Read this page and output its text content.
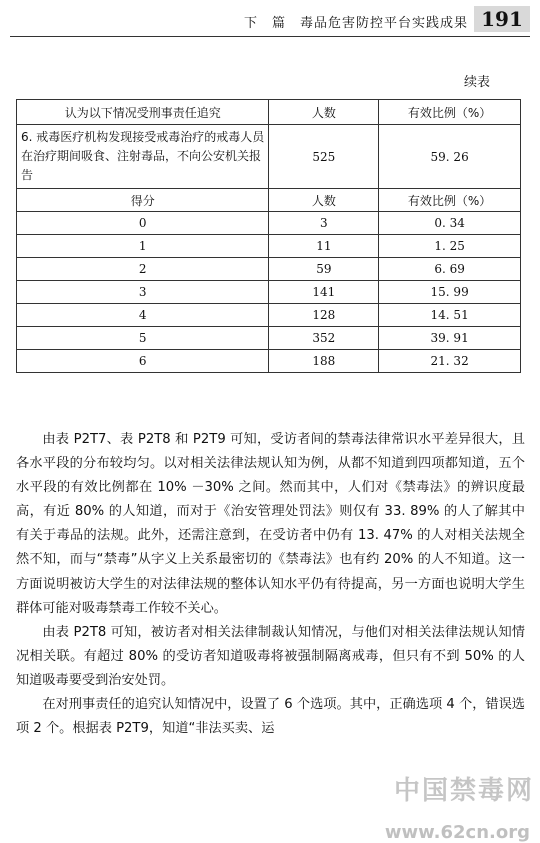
下　篇　毒品危害防控平台实践成果 191
续表
认为以下情况受刑事责任追究	人数	有效比例（%）
6. 戒毒医疗机构发现接受戒毒治疗的戒毒人员在治疗期间吸食、注射毒品，不向公安机关报告	525	59. 26
得分	人数	有效比例（%）
0	3	0. 34
1	11	1. 25
2	59	6. 69
3	141	15. 99
4	128	14. 51
5	352	39. 91
6	188	21. 32

由表 P2T7、表 P2T8 和 P2T9 可知，受访者间的禁毒法律常识水平差异很大，且各水平段的分布较均匀。以对相关法律法规认知为例，从都不知道到四项都知道，五个水平段的有效比例都在 10% －30% 之间。然而其中，人们对《禁毒法》的辨识度最高，有近 80% 的人知道，而对于《治安管理处罚法》则仅有 33. 89% 的人了解其中有关于毒品的法规。此外，还需注意到，在受访者中仍有 13. 47% 的人对相关法规全然不知，而与“禁毒”从字义上关系最密切的《禁毒法》也有约 20% 的人不知道。这一方面说明被访大学生的对法律法规的整体认知水平仍有待提高，另一方面也说明大学生群体可能对吸毒禁毒工作较不关心。

由表 P2T8 可知，被访者对相关法律制裁认知情况，与他们对相关法律法规认知情况相关联。有超过 80% 的受访者知道吸毒将被强制隔离戒毒，但只有不到 50% 的人知道吸毒要受到治安处罚。

在对刑事责任的追究认知情况中，设置了 6 个选项。其中，正确选项 4 个，错误选项 2 个。根据表 P2T9，知道“非法买卖、运

中国禁毒网
www.62cn.org
